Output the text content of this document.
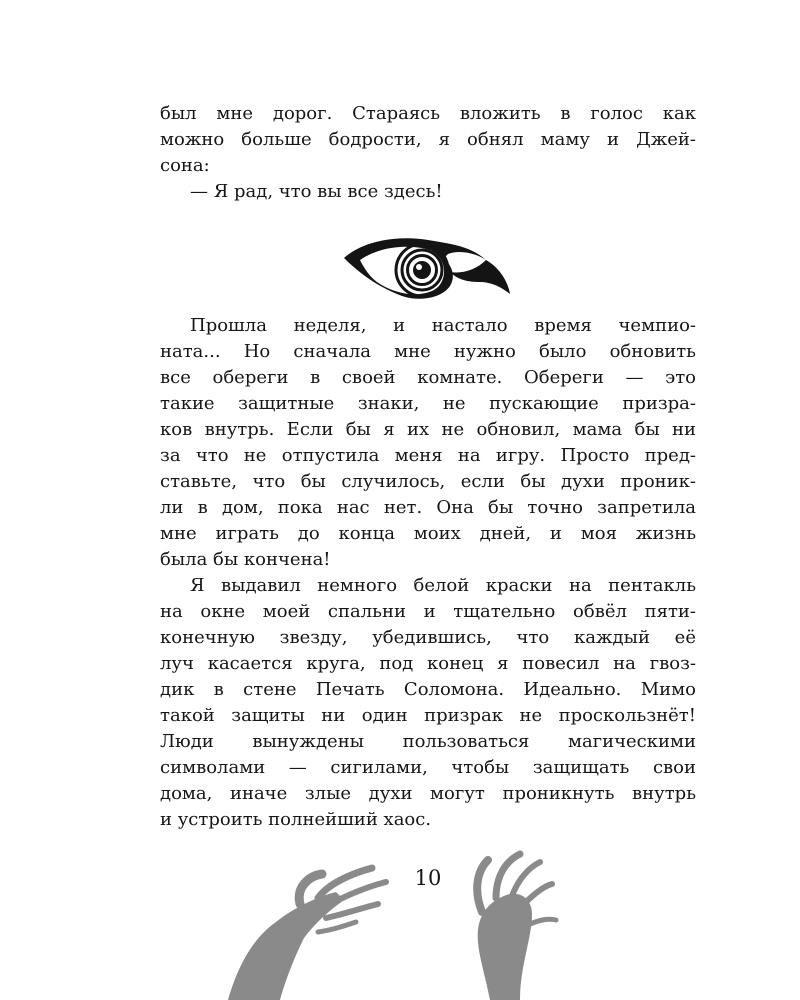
был мне дорог. Стараясь вложить в голос как
можно больше бодрости, я обнял маму и Джей-
сона:
— Я рад, что вы все здесь!
Прошла неделя, и настало время чемпио-
ната... Но сначала мне нужно было обновить
все обереги в своей комнате. Обереги — это
такие защитные знаки, не пускающие призра-
ков внутрь. Если бы я их не обновил, мама бы ни
за что не отпустила меня на игру. Просто пред-
ставьте, что бы случилось, если бы духи проник-
ли в дом, пока нас нет. Она бы точно запретила
мне играть до конца моих дней, и моя жизнь
была бы кончена!
Я выдавил немного белой краски на пентакль
на окне моей спальни и тщательно обвёл пяти-
конечную звезду, убедившись, что каждый её
луч касается круга, под конец я повесил на гвоз-
дик в стене Печать Соломона. Идеально. Мимо
такой защиты ни один призрак не проскользнёт!
Люди вынуждены пользоваться магическими
символами — сигилами, чтобы защищать свои
дома, иначе злые духи могут проникнуть внутрь
и устроить полнейший хаос.
10
